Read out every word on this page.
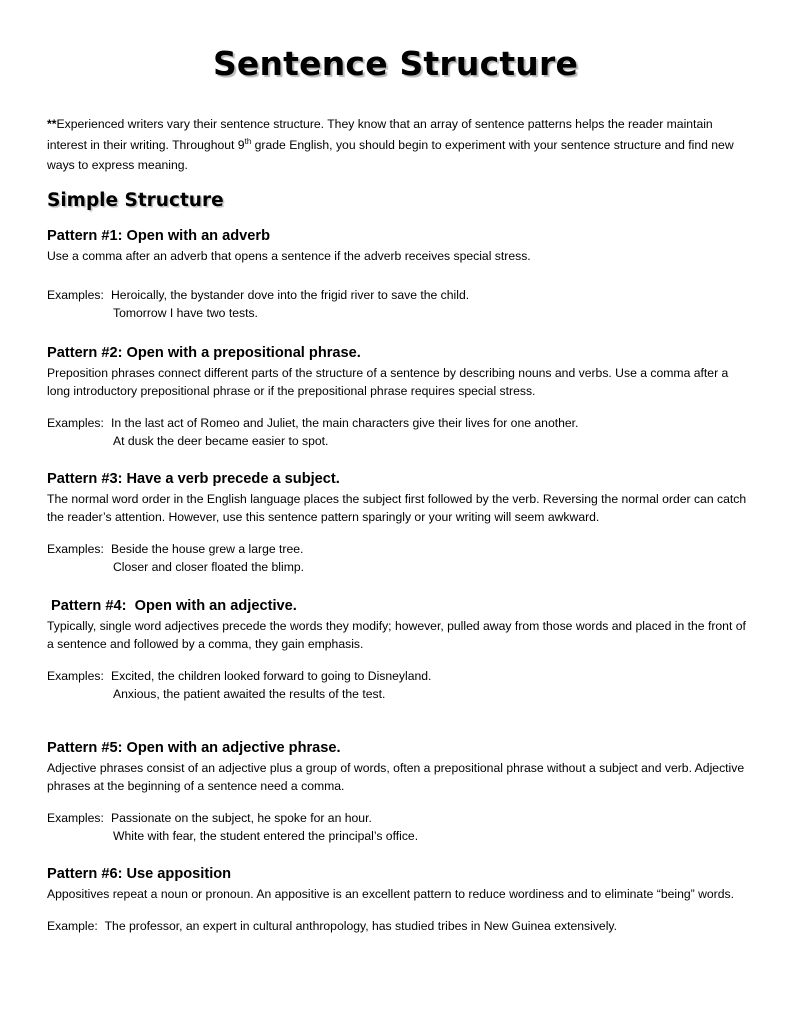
Sentence Structure

**Experienced writers vary their sentence structure. They know that an array of sentence patterns helps the reader maintain interest in their writing. Throughout 9th grade English, you should begin to experiment with your sentence structure and find new ways to express meaning.

Simple Structure

Pattern #1: Open with an adverb

Use a comma after an adverb that opens a sentence if the adverb receives special stress.

Examples: Heroically, the bystander dove into the frigid river to save the child.
Tomorrow I have two tests.

Pattern #2: Open with a prepositional phrase.

Preposition phrases connect different parts of the structure of a sentence by describing nouns and verbs. Use a comma after a long introductory prepositional phrase or if the prepositional phrase requires special stress.

Examples: In the last act of Romeo and Juliet, the main characters give their lives for one another.
At dusk the deer became easier to spot.

Pattern #3: Have a verb precede a subject.

The normal word order in the English language places the subject first followed by the verb. Reversing the normal order can catch the reader’s attention. However, use this sentence pattern sparingly or your writing will seem awkward.

Examples: Beside the house grew a large tree.
Closer and closer floated the blimp.

Pattern #4:  Open with an adjective.

Typically, single word adjectives precede the words they modify; however, pulled away from those words and placed in the front of a sentence and followed by a comma, they gain emphasis.

Examples: Excited, the children looked forward to going to Disneyland.
Anxious, the patient awaited the results of the test.

Pattern #5: Open with an adjective phrase.

Adjective phrases consist of an adjective plus a group of words, often a prepositional phrase without a subject and verb. Adjective phrases at the beginning of a sentence need a comma.

Examples: Passionate on the subject, he spoke for an hour.
White with fear, the student entered the principal’s office.

Pattern #6: Use apposition

Appositives repeat a noun or pronoun. An appositive is an excellent pattern to reduce wordiness and to eliminate “being” words.

Example: The professor, an expert in cultural anthropology, has studied tribes in New Guinea extensively.
